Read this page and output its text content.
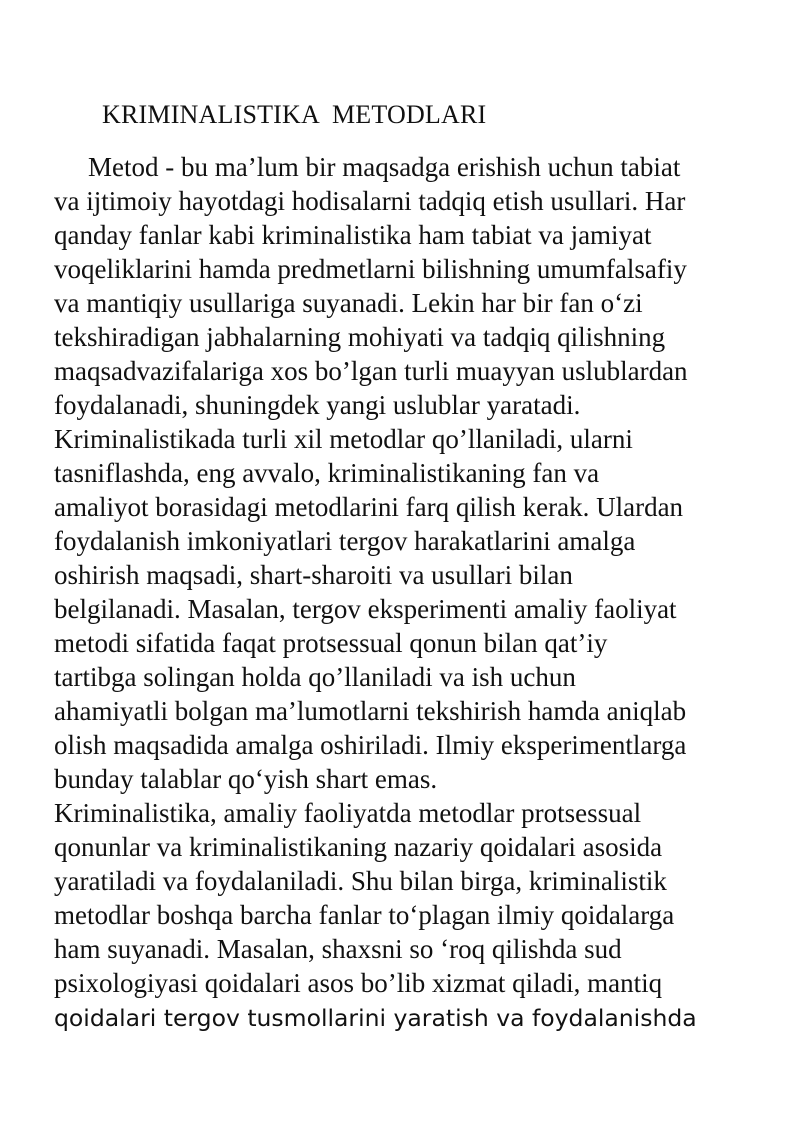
KRIMINALISTIKA  METODLARI
Metod - bu ma’lum bir maqsadga erishish uchun tabiat
va ijtimoiy hayotdagi hodisalarni tadqiq etish usullari. Har
qanday fanlar kabi kriminalistika ham tabiat va jamiyat
voqeliklarini hamda predmetlarni bilishning umumfalsafiy
va mantiqiy usullariga suyanadi. Lekin har bir fan o‘zi
tekshiradigan jabhalarning mohiyati va tadqiq qilishning
maqsadvazifalariga xos bo’lgan turli muayyan uslublardan
foydalanadi, shuningdek yangi uslublar yaratadi.
Kriminalistikada turli xil metodlar qo’llaniladi, ularni
tasniflashda, eng avvalo, kriminalistikaning fan va
amaliyot borasidagi metodlarini farq qilish kerak. Ulardan
foydalanish imkoniyatlari tergov harakatlarini amalga
oshirish maqsadi, shart-sharoiti va usullari bilan
belgilanadi. Masalan, tergov eksperimenti amaliy faoliyat
metodi sifatida faqat protsessual qonun bilan qat’iy
tartibga solingan holda qo’llaniladi va ish uchun
ahamiyatli bolgan ma’lumotlarni tekshirish hamda aniqlab
olish maqsadida amalga oshiriladi. Ilmiy eksperimentlarga
bunday talablar qo‘yish shart emas.
Kriminalistika, amaliy faoliyatda metodlar protsessual
qonunlar va kriminalistikaning nazariy qoidalari asosida
yaratiladi va foydalaniladi. Shu bilan birga, kriminalistik
metodlar boshqa barcha fanlar to‘plagan ilmiy qoidalarga
ham suyanadi. Masalan, shaxsni so ‘roq qilishda sud
psixologiyasi qoidalari asos bo’lib xizmat qiladi, mantiq
qoidalari tergov tusmollarini yaratish va foydalanishda
